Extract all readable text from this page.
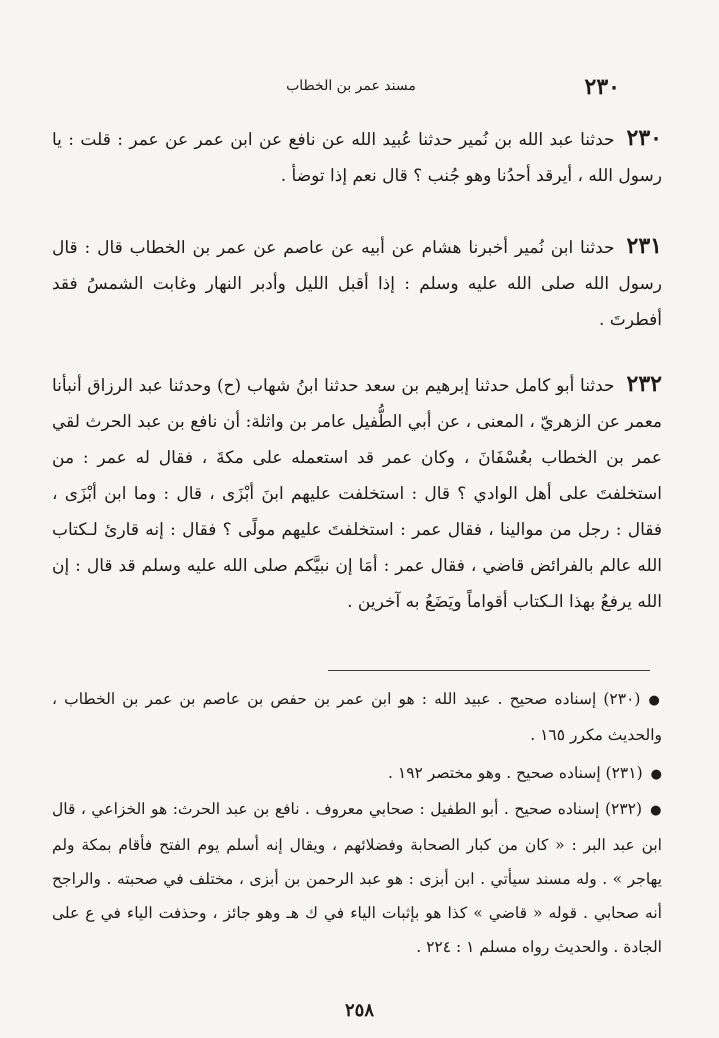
٢٣٠
مسند عمر بن الخطاب
٢٣٠حدثنا عبد الله بن نُمير حدثنا عُبيد الله عن نافع عن ابن عمر عن عمر : قلت : يا رسول الله ، أيرقد أحدُنا وهو جُنب ؟ قال نعم إذا توضأ .
٢٣١حدثنا ابن نُمير أخبرنا هشام عن أبيه عن عاصم عن عمر بن الخطاب قال : قال رسول الله صلى الله عليه وسلم : إذا أقبل الليل وأدبر النهار وغابت الشمسُ فقد أفطرتَ .
٢٣٢حدثنا أبو كامل حدثنا إبرهيم بن سعد حدثنا ابنُ شهاب (ح) وحدثنا عبد الرزاق أنبأنا معمر عن الزهريّ ، المعنى ، عن أبي الطُّفيل عامر بن واثلة: أن نافع بن عبد الحرث لقي عمر بن الخطاب بعُسْفَانَ ، وكان عمر قد استعمله على مكةَ ، فقال له عمر : من استخلفتَ على أهل الوادي ؟ قال : استخلفت عليهم ابنَ أبْزَى ، قال : وما ابن أبْزَى ، فقال : رجل من موالينا ، فقال عمر : استخلفتَ عليهم مولًى ؟ فقال : إنه قارئ لـكتاب الله عالم بالفرائض قاضي ، فقال عمر : أمَا إن نبيَّكم صلى الله عليه وسلم قد قال : إن الله يرفعُ بهذا الـكتاب أقواماً ويَضَعُ به آخرين .
●(٢٣٠) إسناده صحيح . عبيد الله : هو ابن عمر بن حفص بن عاصم بن عمر بن الخطاب ، والحديث مكرر ١٦٥ .
●(٢٣١) إسناده صحيح . وهو مختصر ١٩٢ .
●(٢٣٢) إسناده صحيح . أبو الطفيل : صحابي معروف . نافع بن عبد الحرث: هو الخزاعي ، قال ابن عبد البر : « كان من كبار الصحابة وفضلائهم ، ويقال إنه أسلم يوم الفتح فأقام بمكة ولم يهاجر » . وله مسند سيأتي . ابن أبزى : هو عبد الرحمن بن أبزى ، مختلف في صحبته . والراجح أنه صحابي . قوله « قاضي » كذا هو بإثبات الياء في ك هـ وهو جائز ، وحذفت الياء في ع على الجادة . والحديث رواه مسلم ١ : ٢٢٤ .
٢٥٨
